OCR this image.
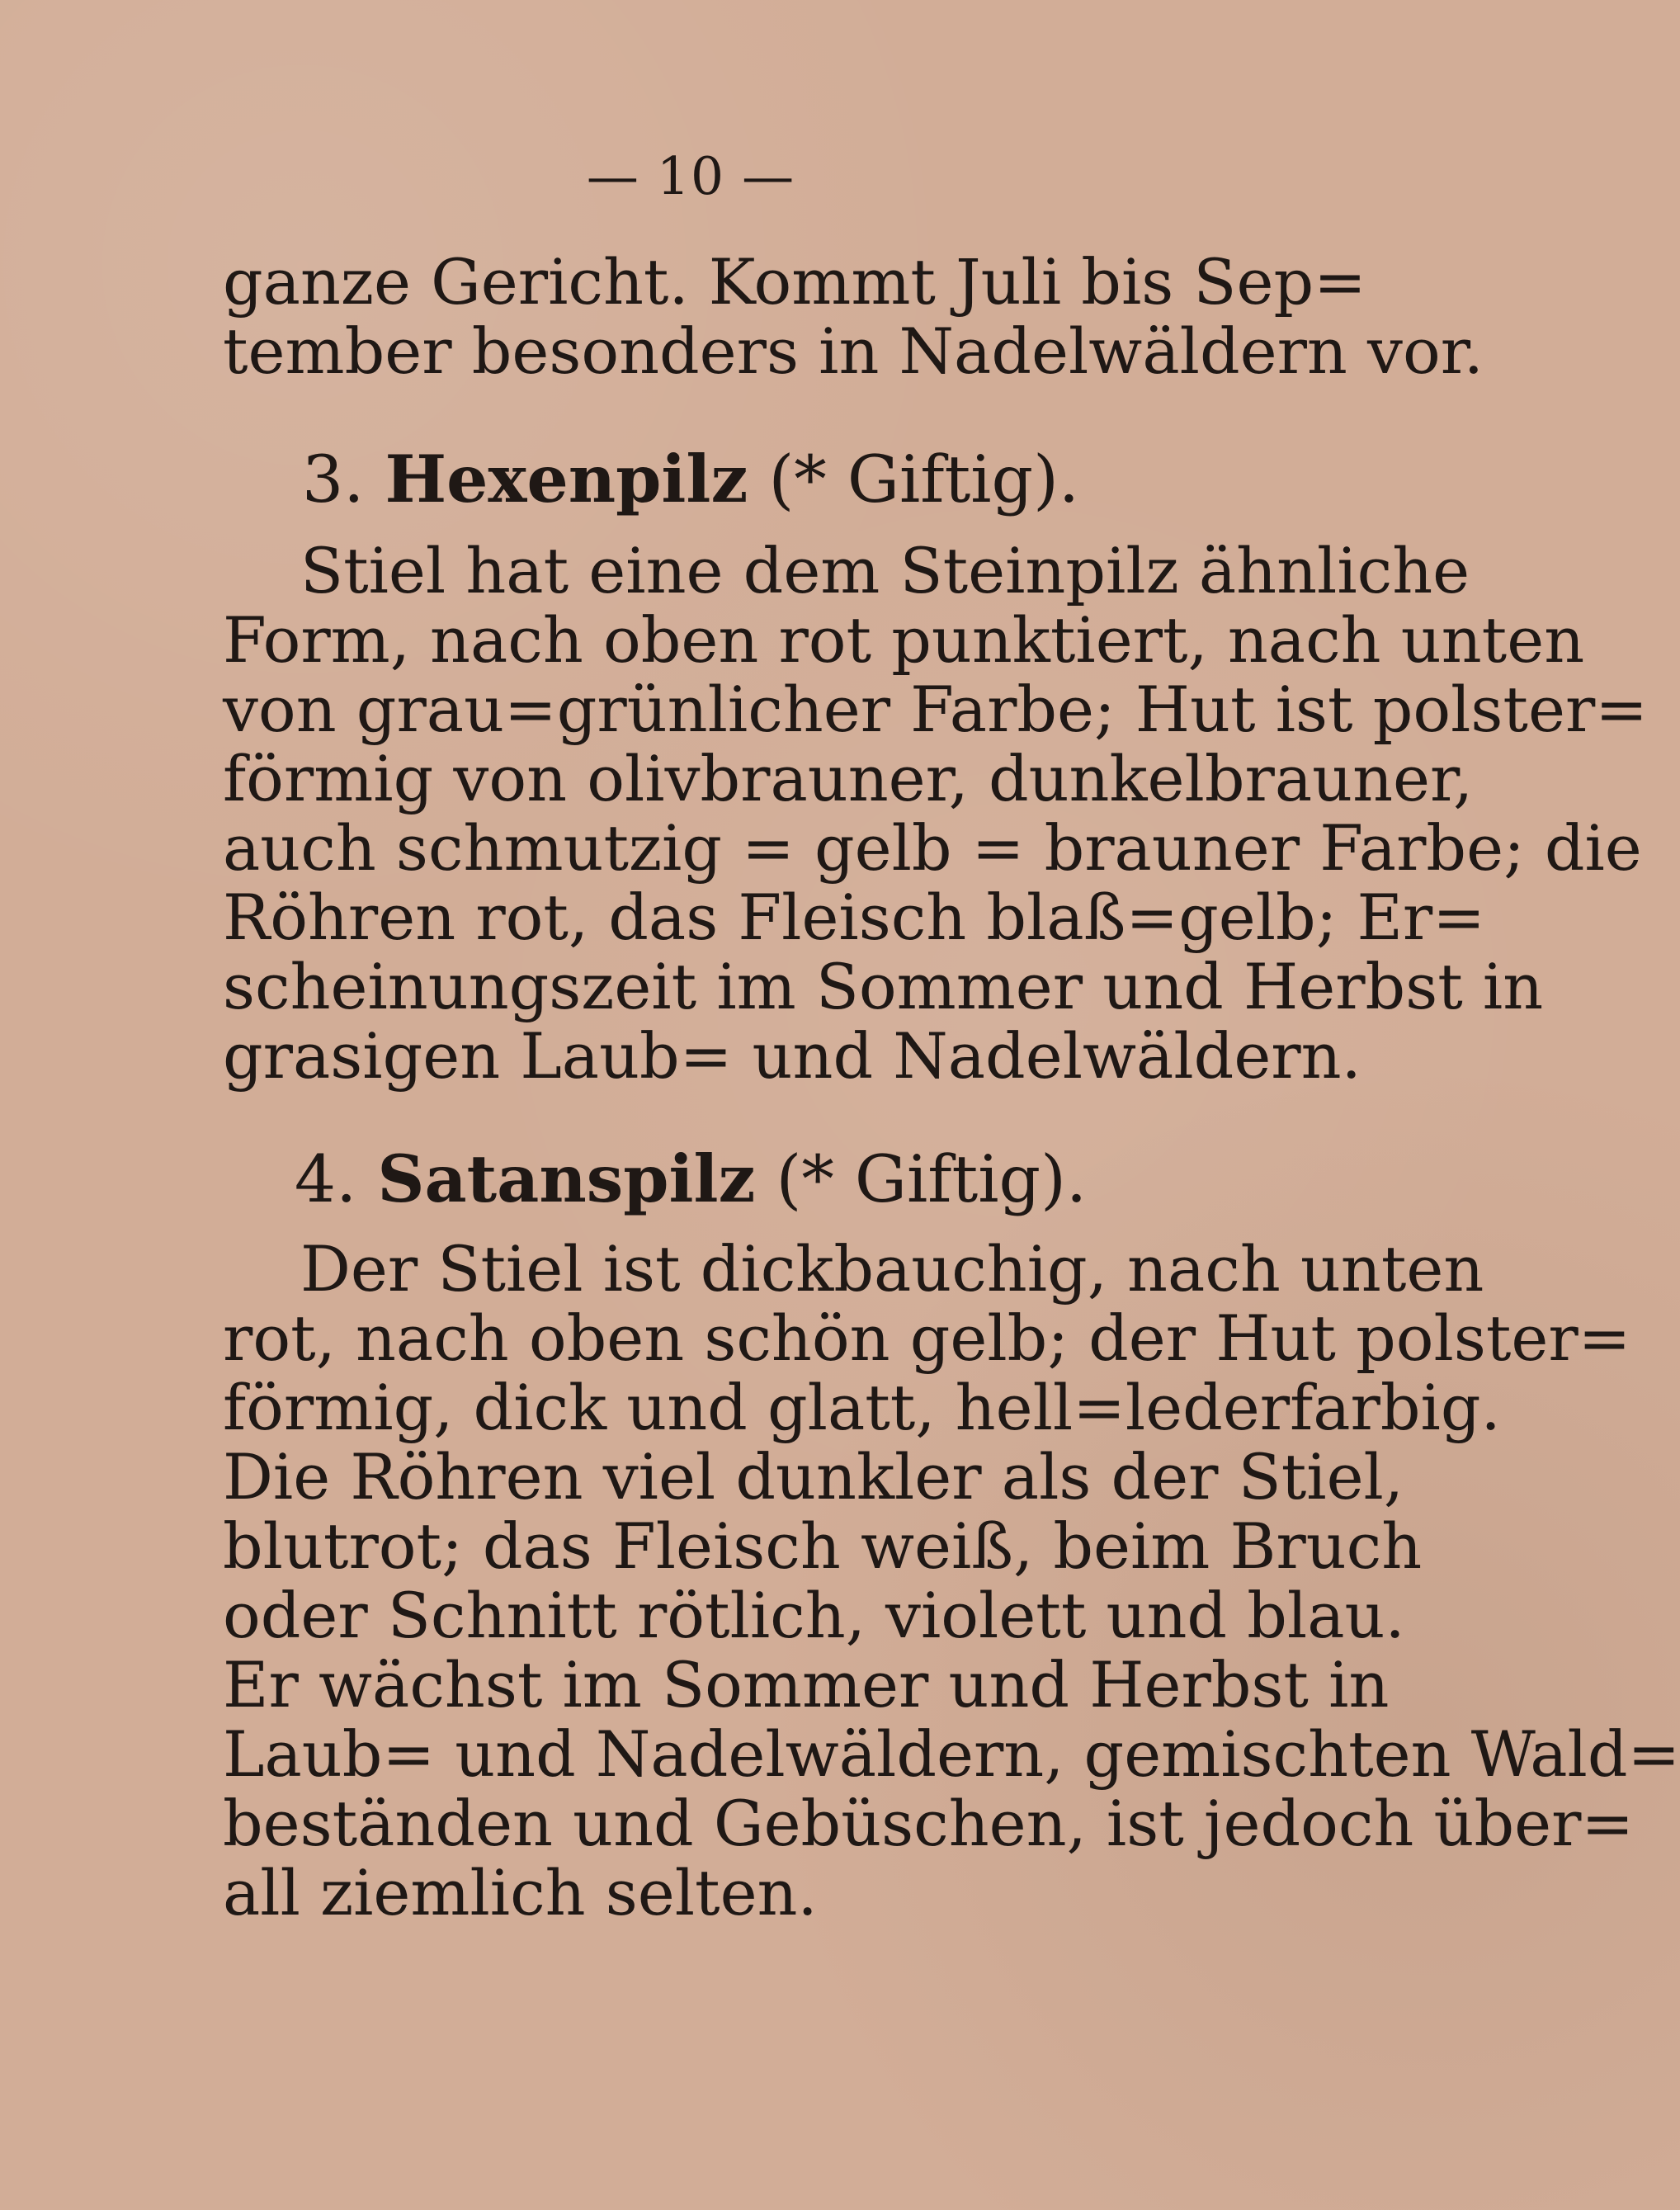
— 10 —
ganze Gericht. Kommt Juli bis Sep=
tember besonders in Nadelwäldern vor.
3. Hexenpilz (* Giftig).
Stiel hat eine dem Steinpilz ähnliche
Form, nach oben rot punktiert, nach unten
von grau=grünlicher Farbe; Hut ist polster=
förmig von olivbrauner, dunkelbrauner,
auch schmutzig = gelb = brauner Farbe; die
Röhren rot, das Fleisch blaß=gelb; Er=
scheinungszeit im Sommer und Herbst in
grasigen Laub= und Nadelwäldern.
4. Satanspilz (* Giftig).
Der Stiel ist dickbauchig, nach unten
rot, nach oben schön gelb; der Hut polster=
förmig, dick und glatt, hell=lederfarbig.
Die Röhren viel dunkler als der Stiel,
blutrot; das Fleisch weiß, beim Bruch
oder Schnitt rötlich, violett und blau.
Er wächst im Sommer und Herbst in
Laub= und Nadelwäldern, gemischten Wald=
beständen und Gebüschen, ist jedoch über=
all ziemlich selten.
